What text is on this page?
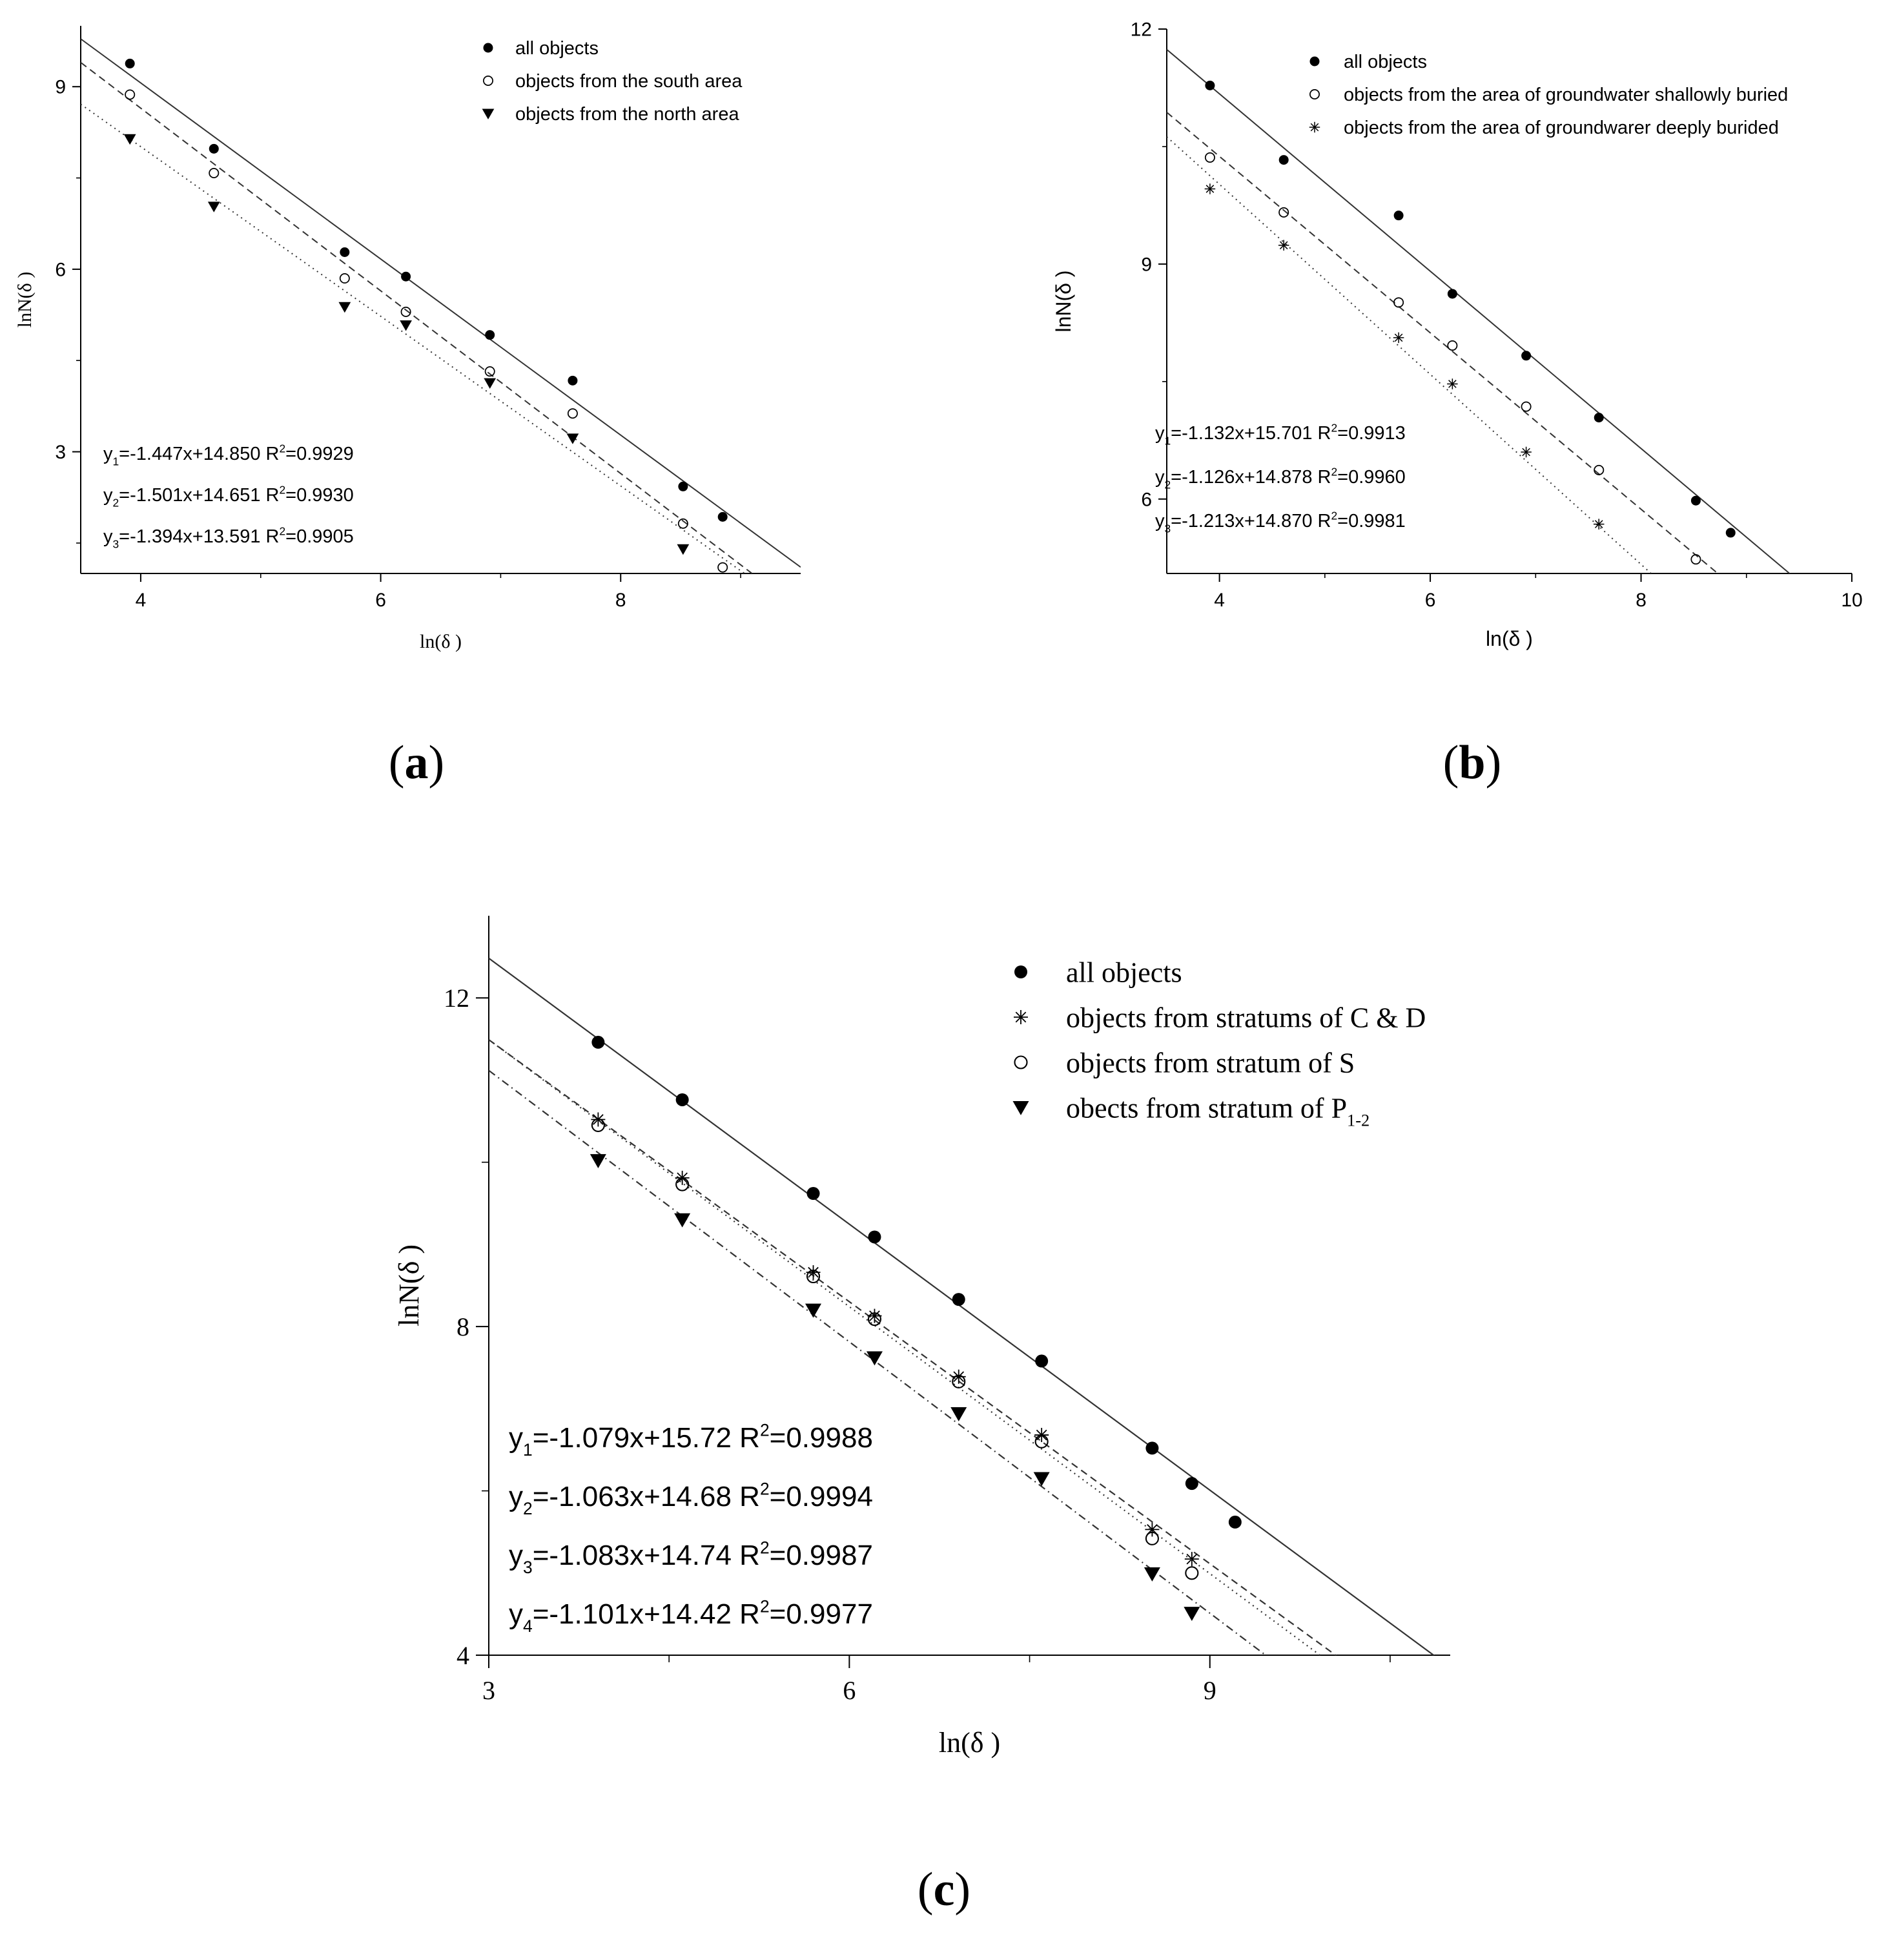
4	6	8
3
6
9
ln(δ )
lnN(δ )
all objects
objects from the south area
objects from the north area
$y_1=-1.447x+14.850$ $R^2=0.9929$
$y_2=-1.501x+14.651$ $R^2=0.9930$
$y_3=-1.394x+13.591$ $R^2=0.9905$
(a)
4	6	8	10
6
9
12
ln(δ )
lnN(δ )
all objects
objects from the area of groundwater shallowly buried
objects from the area of groundwarer deeply burided
$y_1=-1.132x+15.701$ $R^2=0.9913$
$y_2=-1.126x+14.878$ $R^2=0.9960$
$y_3=-1.213x+14.870$ $R^2=0.9981$
(b)
3	6	9
4
8
12
ln(δ )
lnN(δ )
all objects
objects from stratums of C & D
objects from stratum of S
obects from stratum of $P_{1-2}$
$y_1=-1.079x+15.72$ $R^2=0.9988$
$y_2=-1.063x+14.68$ $R^2=0.9994$
$y_3=-1.083x+14.74$ $R^2=0.9987$
$y_4=-1.101x+14.42$ $R^2=0.9977$
(c)
